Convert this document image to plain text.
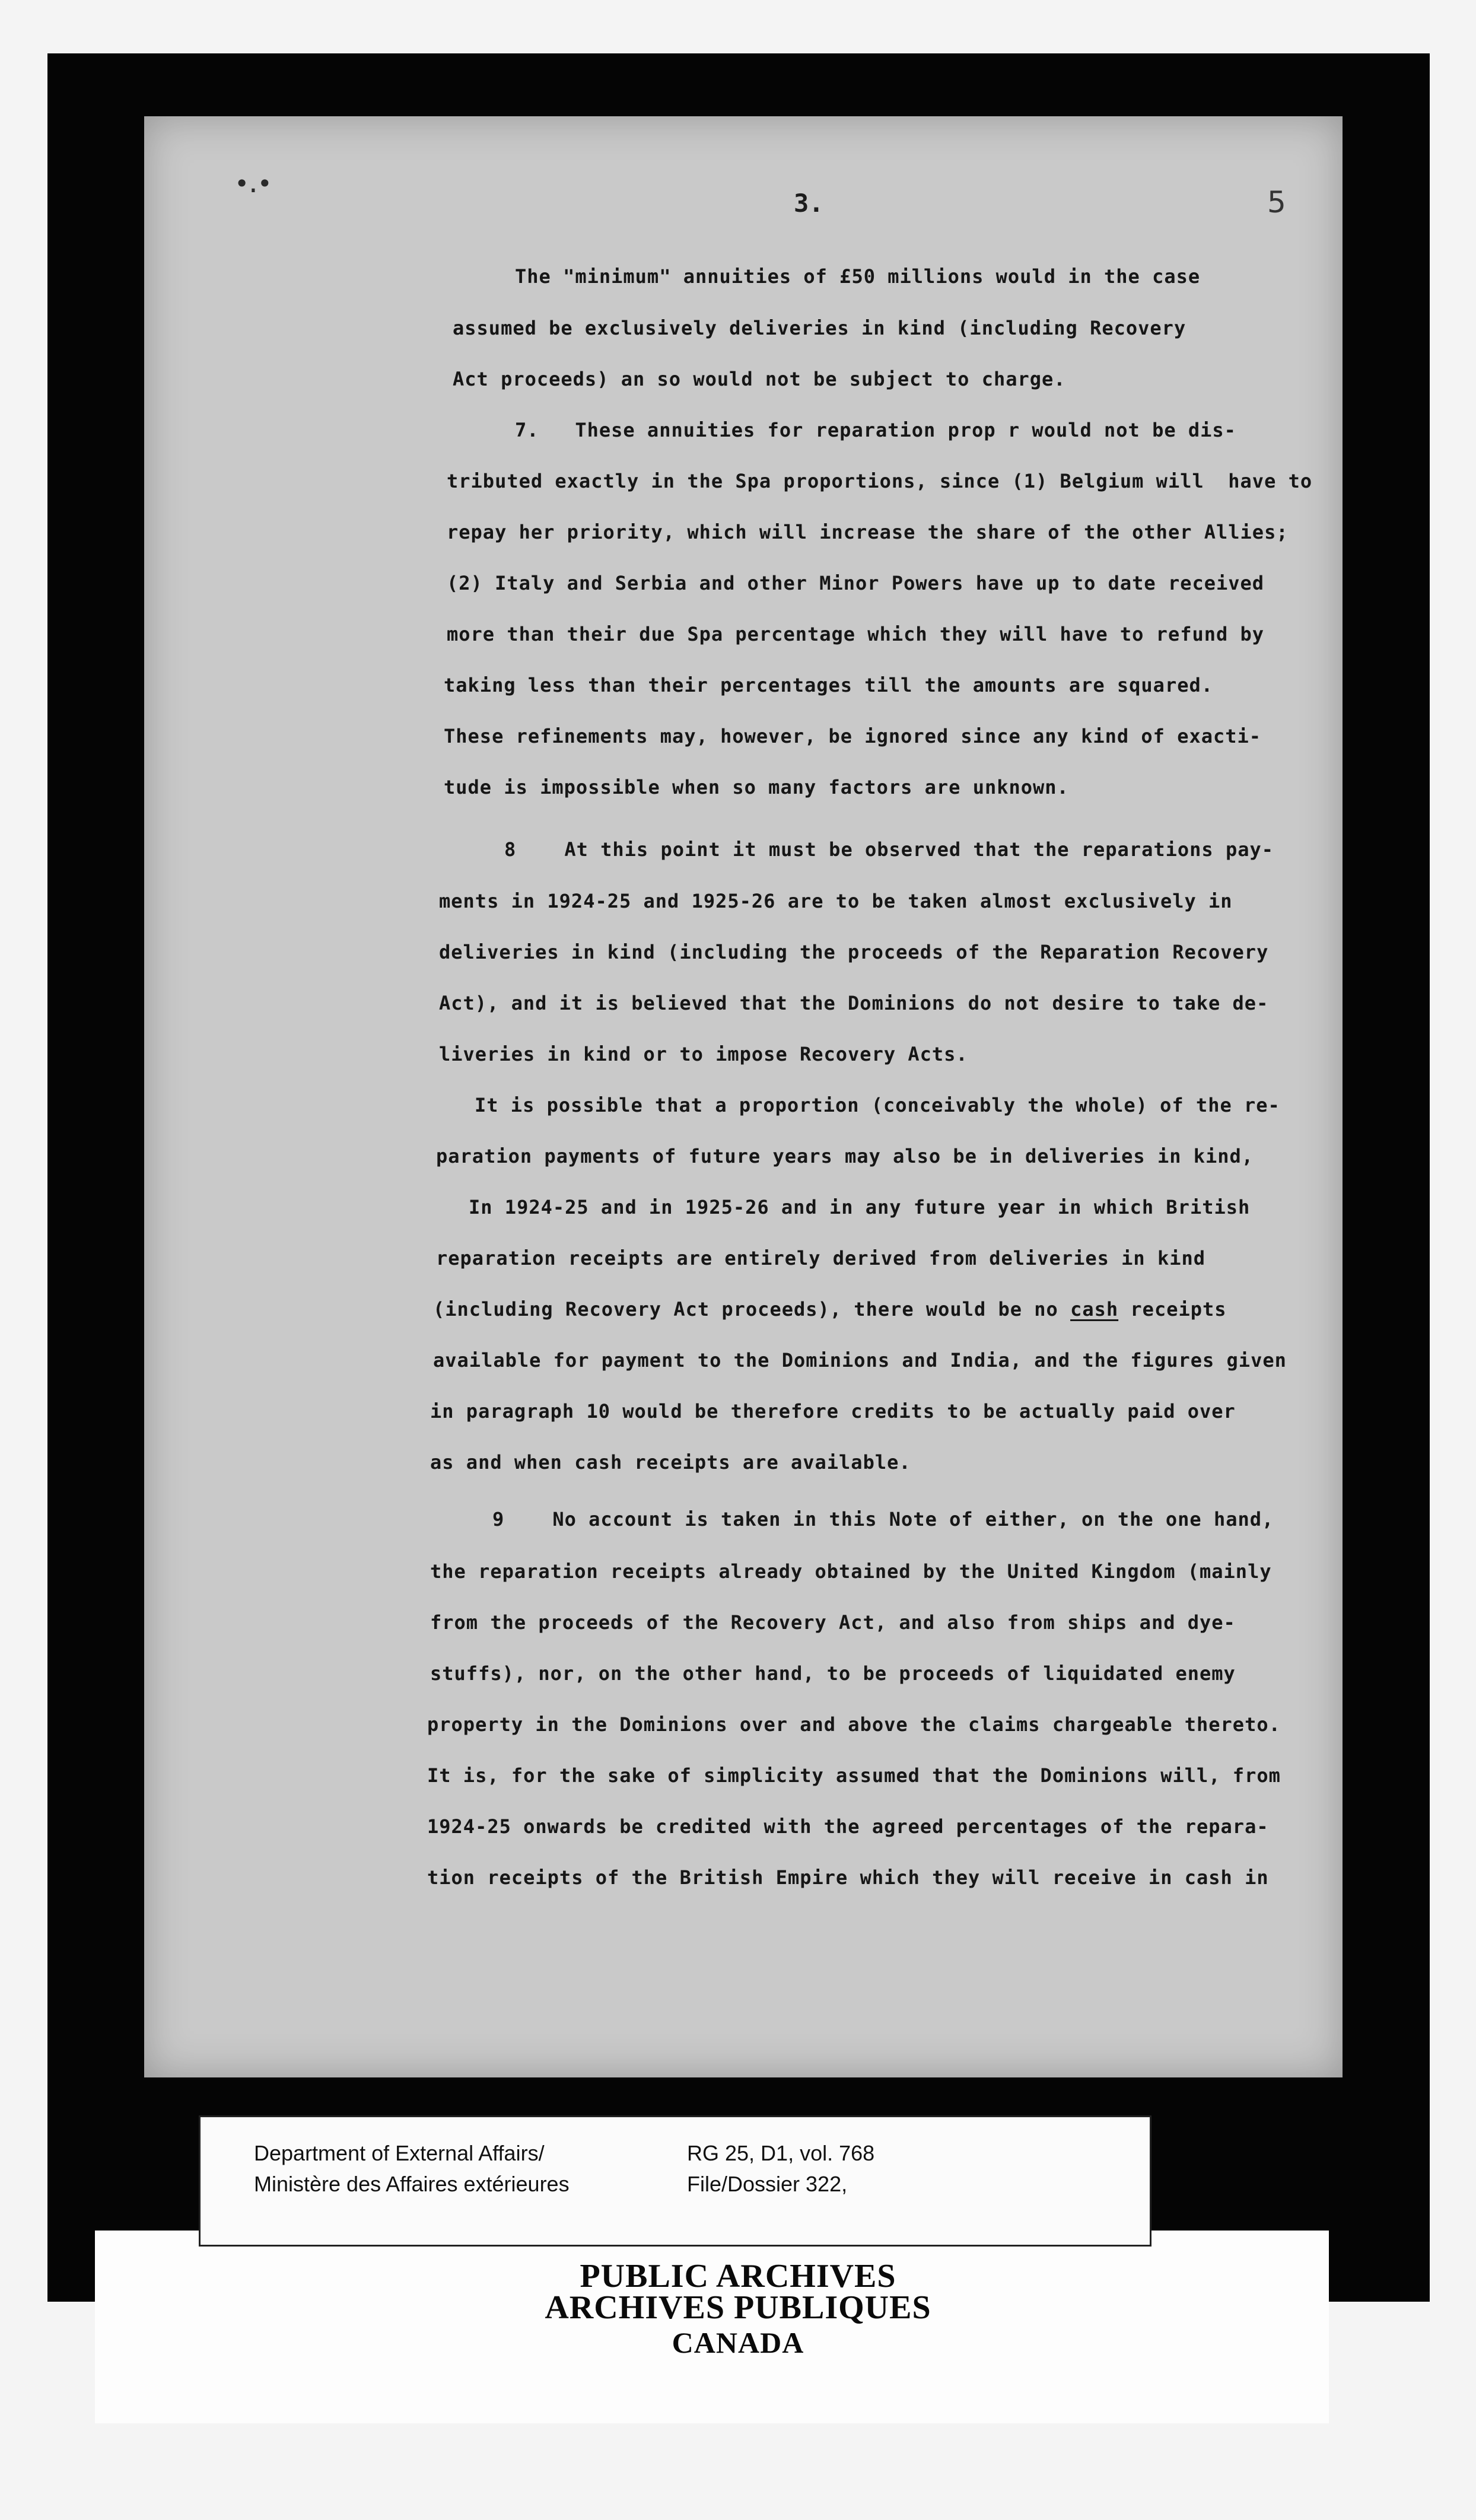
•.•

3.	5

The "minimum" annuities of £50 millions would in the case

assumed be exclusively deliveries in kind (including Recovery

Act proceeds) an so would not be subject to charge.

7.   These annuities for reparation prop r would not be dis-

tributed exactly in the Spa proportions, since (1) Belgium will  have to

repay her priority, which will increase the share of the other Allies;

(2) Italy and Serbia and other Minor Powers have up to date received

more than their due Spa percentage which they will have to refund by

taking less than their percentages till the amounts are squared.

These refinements may, however, be ignored since any kind of exacti-

tude is impossible when so many factors are unknown.

8    At this point it must be observed that the reparations pay-

ments in 1924-25 and 1925-26 are to be taken almost exclusively in

deliveries in kind (including the proceeds of the Reparation Recovery

Act), and it is believed that the Dominions do not desire to take de-

liveries in kind or to impose Recovery Acts.

It is possible that a proportion (conceivably the whole) of the re-

paration payments of future years may also be in deliveries in kind,

In 1924-25 and in 1925-26 and in any future year in which British

reparation receipts are entirely derived from deliveries in kind

(including Recovery Act proceeds), there would be no cash receipts

available for payment to the Dominions and India, and the figures given

in paragraph 10 would be therefore credits to be actually paid over

as and when cash receipts are available.

9    No account is taken in this Note of either, on the one hand,

the reparation receipts already obtained by the United Kingdom (mainly

from the proceeds of the Recovery Act, and also from ships and dye-

stuffs), nor, on the other hand, to be proceeds of liquidated enemy

property in the Dominions over and above the claims chargeable thereto.

It is, for the sake of simplicity assumed that the Dominions will, from

1924-25 onwards be credited with the agreed percentages of the repara-

tion receipts of the British Empire which they will receive in cash in

PUBLIC ARCHIVES

ARCHIVES PUBLIQUES

CANADA

Department of External Affairs/

Ministère des Affaires extérieures

RG 25, D1, vol. 768

File/Dossier 322,
